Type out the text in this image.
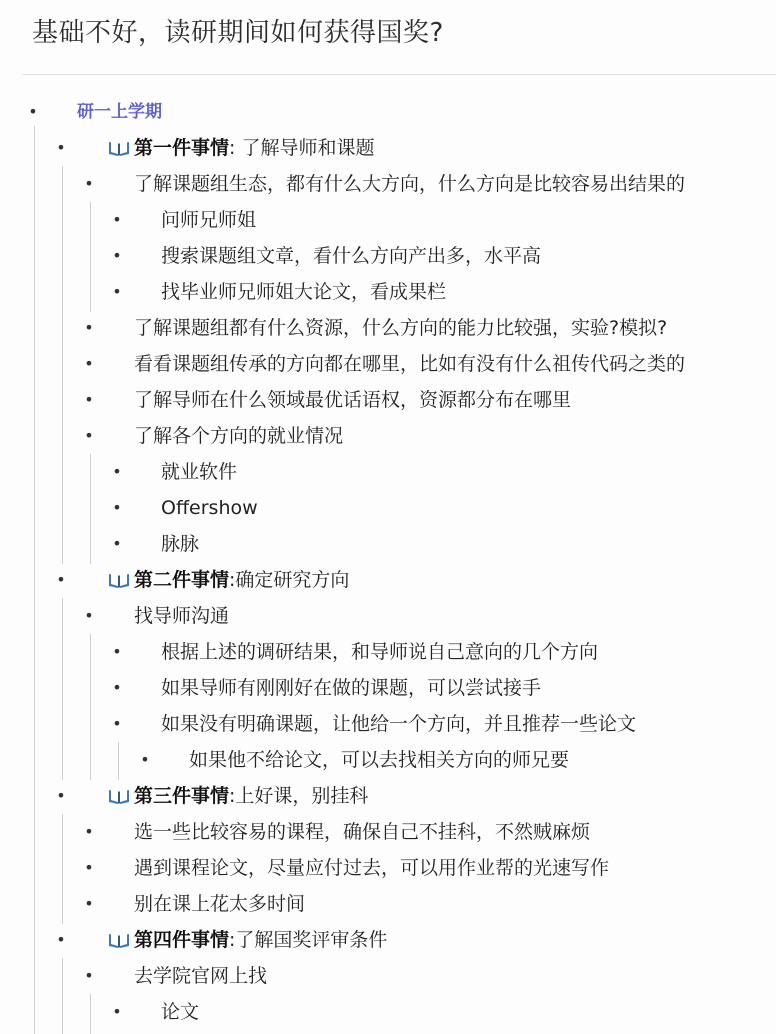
基础不好，读研期间如何获得国奖?
• 研一上学期
•	第一件事情: 了解导师和课题
• 了解课题组生态，都有什么大方向，什么方向是比较容易出结果的
• 问师兄师姐
• 搜索课题组文章，看什么方向产出多，水平高
• 找毕业师兄师姐大论文，看成果栏
• 了解课题组都有什么资源，什么方向的能力比较强，实验?模拟?
• 看看课题组传承的方向都在哪里，比如有没有什么祖传代码之类的
• 了解导师在什么领域最优话语权，资源都分布在哪里
• 了解各个方向的就业情况
• 就业软件
• Offershow
• 脉脉
•	第二件事情:确定研究方向
• 找导师沟通
• 根据上述的调研结果，和导师说自己意向的几个方向
• 如果导师有刚刚好在做的课题，可以尝试接手
• 如果没有明确课题，让他给一个方向，并且推荐一些论文
• 如果他不给论文，可以去找相关方向的师兄要
•	第三件事情:上好课，别挂科
• 选一些比较容易的课程，确保自己不挂科，不然贼麻烦
• 遇到课程论文，尽量应付过去，可以用作业帮的光速写作
• 别在课上花太多时间
•	第四件事情:了解国奖评审条件
• 去学院官网上找
• 论文
